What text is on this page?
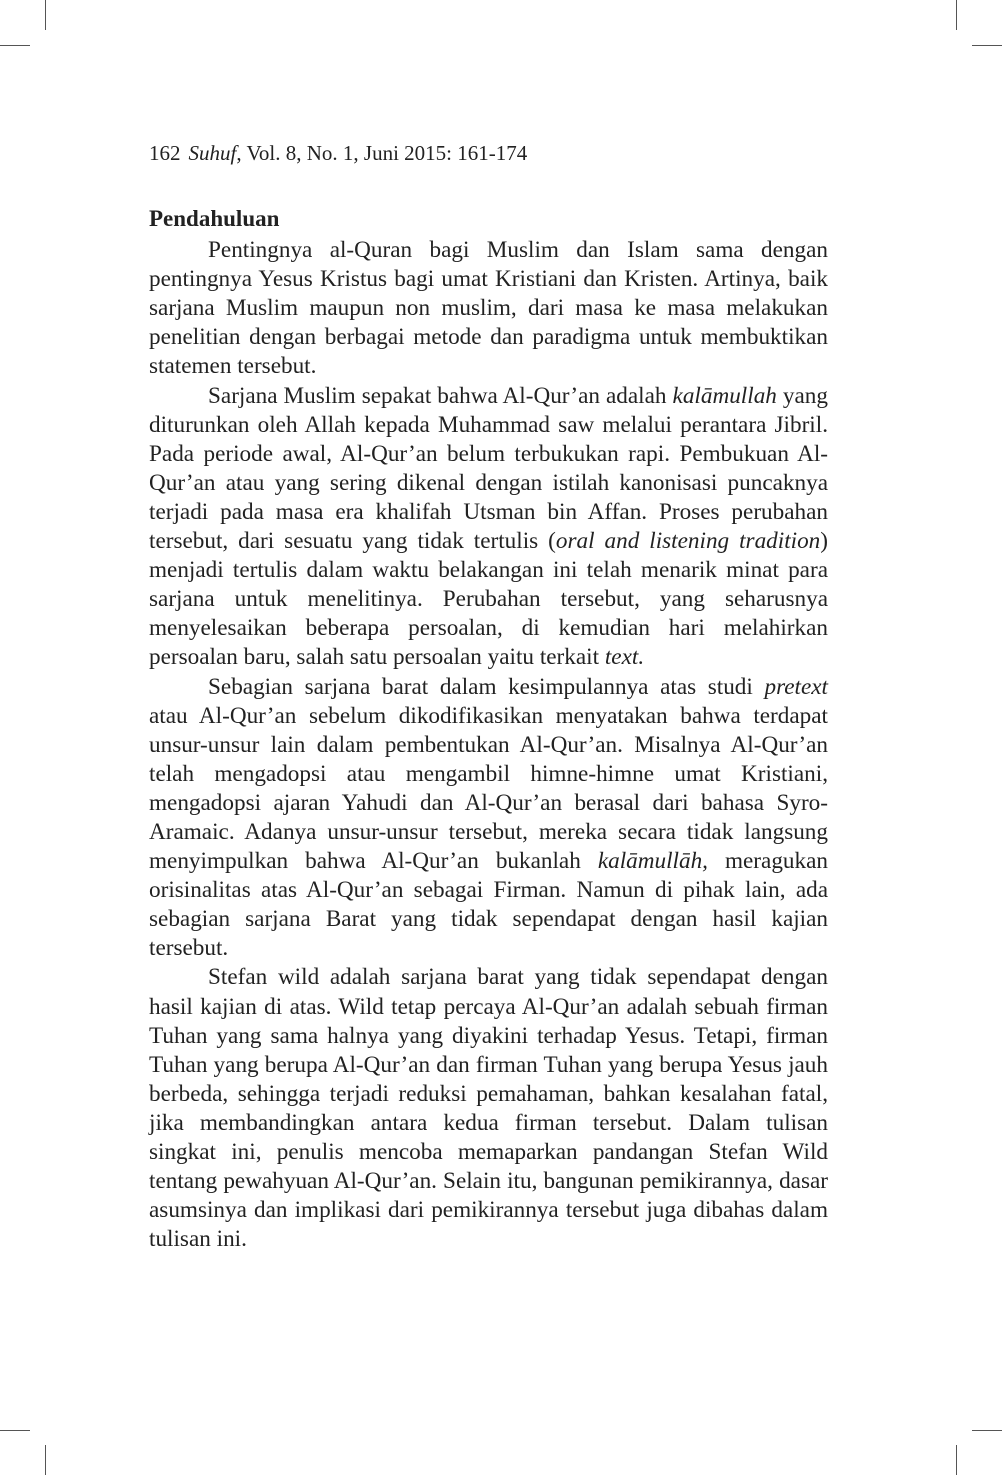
162 Suhuf, Vol. 8, No. 1, Juni 2015: 161-174
Pendahuluan

Pentingnya al-Quran bagi Muslim dan Islam sama dengan pentingnya Yesus Kristus bagi umat Kristiani dan Kristen. Artinya, baik sarjana Muslim maupun non muslim, dari masa ke masa melakukan penelitian dengan berbagai metode dan paradigma untuk membuktikan statemen tersebut.

Sarjana Muslim sepakat bahwa Al-Qur’an adalah kalāmullah yang diturunkan oleh Allah kepada Muhammad saw melalui perantara Jibril. Pada periode awal, Al-Qur’an belum terbukukan rapi. Pembukuan Al-Qur’an atau yang sering dikenal dengan istilah kanonisasi puncaknya terjadi pada masa era khalifah Utsman bin Affan. Proses perubahan tersebut, dari sesuatu yang tidak tertulis (oral and listening tradition) menjadi tertulis dalam waktu belakangan ini telah menarik minat para sarjana untuk menelitinya. Perubahan tersebut, yang seharusnya menyelesaikan beberapa persoalan, di kemudian hari melahirkan persoalan baru, salah satu persoalan yaitu terkait text.

Sebagian sarjana barat dalam kesimpulannya atas studi pretext atau Al-Qur’an sebelum dikodifikasikan menyatakan bahwa terdapat unsur-unsur lain dalam pembentukan Al-Qur’an. Misalnya Al-Qur’an telah mengadopsi atau mengambil himne-himne umat Kristiani, mengadopsi ajaran Yahudi dan Al-Qur’an berasal dari bahasa Syro-Aramaic. Adanya unsur-unsur tersebut, mereka secara tidak langsung menyimpulkan bahwa Al-Qur’an bukanlah kalāmullāh, meragukan orisinalitas atas Al-Qur’an sebagai Firman. Namun di pihak lain, ada sebagian sarjana Barat yang tidak sependapat dengan hasil kajian tersebut.

Stefan wild adalah sarjana barat yang tidak sependapat dengan hasil kajian di atas. Wild tetap percaya Al-Qur’an adalah sebuah firman Tuhan yang sama halnya yang diyakini terhadap Yesus. Tetapi, firman Tuhan yang berupa Al-Qur’an dan firman Tuhan yang berupa Yesus jauh berbeda, sehingga terjadi reduksi pemahaman, bahkan kesalahan fatal, jika membandingkan antara kedua firman tersebut. Dalam tulisan singkat ini, penulis mencoba memaparkan pandangan Stefan Wild tentang pewahyuan Al-Qur’an. Selain itu, bangunan pemikirannya, dasar asumsinya dan implikasi dari pemikirannya tersebut juga dibahas dalam tulisan ini.
